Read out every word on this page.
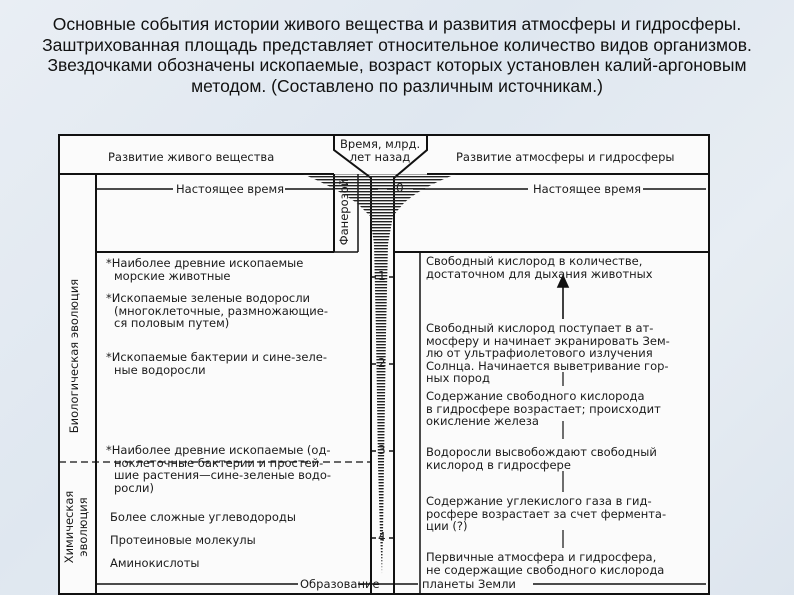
Основные события истории живого вещества и развития атмосферы и гидросферы. Заштрихованная площадь представляет относительное количество видов организмов. Звездочками обозначены ископаемые, возраст которых установлен калий-аргоновым методом. (Составлено по различным источникам.)
Развитие живого вещества
Время, млрд.
лет назад	Развитие атмосферы и гидросферы
Фанерозой
Биологическая эволюция
Химическая эволюция
Настоящее время	Настоящее время
0
1
2
3
4
*Наиболее древние ископаемые
морские животные
*Ископаемые зеленые водоросли
(многоклеточные, размножающие-
ся половым путем)
*Ископаемые бактерии и сине-зеле-
ные водоросли
*Наиболее древние ископаемые (од-
ноклеточные бактерии и простей-
шие растения—сине-зеленые водо-
росли)
Более сложные углеводороды
Протеиновые молекулы
Аминокислоты
Образование	планеты Земли
Свободный кислород в количестве,
достаточном для дыхания животных
Свободный кислород поступает в ат-
мосферу и начинает экранировать Зем-
лю от ультрафиолетового излучения
Солнца. Начинается выветривание гор-
ных пород
Содержание свободного кислорода
в гидросфере возрастает; происходит
окисление железа
Водоросли высвобождают свободный
кислород в гидросфере
Содержание углекислого газа в гид-
росфере возрастает за счет ферментa-
ции (?)
Первичные атмосфера и гидросфера,
не содержащие свободного кислорода
